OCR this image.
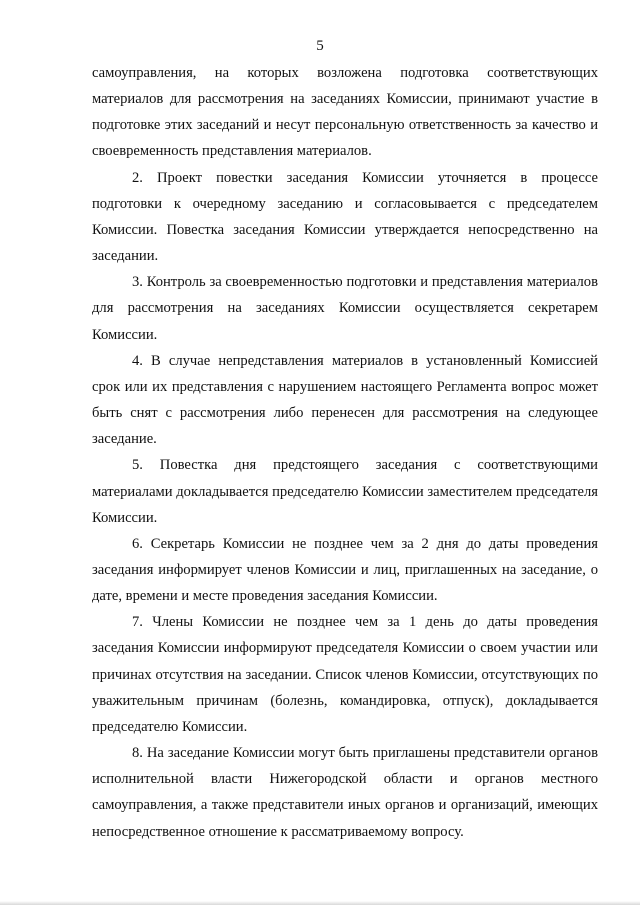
5

самоуправления, на которых возложена подготовка соответствующих материалов для рассмотрения на заседаниях Комиссии, принимают участие в подготовке этих заседаний и несут персональную ответственность за качество и своевременность представления материалов.

2. Проект повестки заседания Комиссии уточняется в процессе подготовки к очередному заседанию и согласовывается с председателем Комиссии. Повестка заседания Комиссии утверждается непосредственно на заседании.

3. Контроль за своевременностью подготовки и представления материалов для рассмотрения на заседаниях Комиссии осуществляется секретарем Комиссии.

4. В случае непредставления материалов в установленный Комиссией срок или их представления с нарушением настоящего Регламента вопрос может быть снят с рассмотрения либо перенесен для рассмотрения на следующее заседание.

5. Повестка дня предстоящего заседания с соответствующими материалами докладывается председателю Комиссии заместителем председателя Комиссии.

6. Секретарь Комиссии не позднее чем за 2 дня до даты проведения заседания информирует членов Комиссии и лиц, приглашенных на заседание, о дате, времени и месте проведения заседания Комиссии.

7. Члены Комиссии не позднее чем за 1 день до даты проведения заседания Комиссии информируют председателя Комиссии о своем участии или причинах отсутствия на заседании. Список членов Комиссии, отсутствующих по уважительным причинам (болезнь, командировка, отпуск), докладывается председателю Комиссии.

8. На заседание Комиссии могут быть приглашены представители органов исполнительной власти Нижегородской области и органов местного самоуправления, а также представители иных органов и организаций, имеющих непосредственное отношение к рассматриваемому вопросу.
